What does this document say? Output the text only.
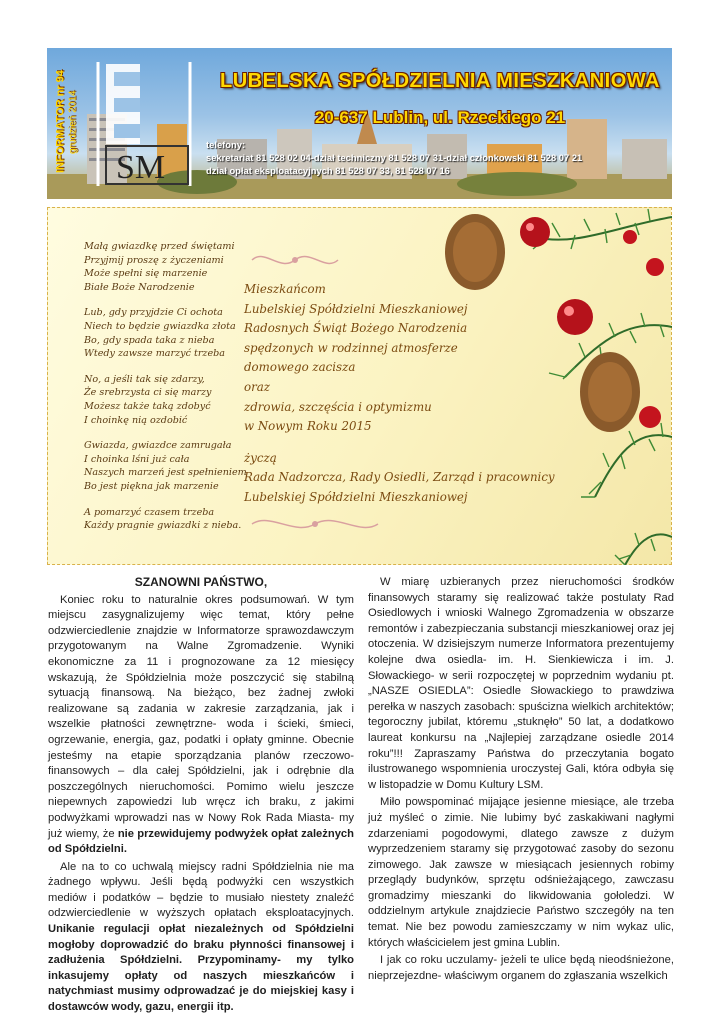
INFORMATOR nr 94 grudzień 2014
SM
LUBELSKA SPÓŁDZIELNIA MIESZKANIOWA
20-637 Lublin, ul. Rzeckiego 21
telefony:
sekretariat 81 528 02 04-dział techniczny 81 528 07 31-dział członkowski 81 528 07 21
dział opłat eksploatacyjnych 81 528 07 33, 81 528 07 16
Małą gwiazdkę przed świętami
Przyjmij proszę z życzeniami
Może spełni się marzenie
Białe Boże Narodzenie
Lub, gdy przyjdzie Ci ochota
Niech to będzie gwiazdka złota
Bo, gdy spada taka z nieba
Wtedy zawsze marzyć trzeba
No, a jeśli tak się zdarzy,
Że srebrzysta ci się marzy
Możesz także taką zdobyć
I choinkę nią ozdobić
Gwiazda, gwiazdce zamrugała
I choinka lśni już cała
Naszych marzeń jest spełnieniem
Bo jest piękna jak marzenie
A pomarzyć czasem trzeba
Każdy pragnie gwiazdki z nieba.
Mieszkańcom
Lubelskiej Spółdzielni Mieszkaniowej
Radosnych Świąt Bożego Narodzenia
spędzonych w rodzinnej atmosferze
domowego zacisza
oraz
zdrowia, szczęścia i optymizmu
w Nowym Roku 2015
życzą
Rada Nadzorcza, Rady Osiedli, Zarząd i pracownicy
Lubelskiej Spółdzielni Mieszkaniowej

SZANOWNI PAŃSTWO,

Koniec roku to naturalnie okres podsumowań. W tym miejscu zasygnalizujemy więc temat, który pełne odzwierciedlenie znajdzie w Informatorze sprawozdawczym przygotowanym na Walne Zgromadzenie. Wyniki ekonomiczne za 11 i prognozowane za 12 miesięcy wskazują, że Spółdzielnia może poszczycić się stabilną sytuacją finansową. Na bieżąco, bez żadnej zwłoki realizowane są zadania w zakresie zarządzania, jak i wszelkie płatności zewnętrzne- woda i ścieki, śmieci, ogrzewanie, energia, gaz, podatki i opłaty gminne. Obecnie jesteśmy na etapie sporządzania planów rzeczowo-finansowych – dla całej Spółdzielni, jak i odrębnie dla poszczególnych nieruchomości. Pomimo wielu jeszcze niepewnych zapowiedzi lub wręcz ich braku, z jakimi podwyżkami wprowadzi nas w Nowy Rok Rada Miasta- my już wiemy, że nie przewidujemy podwyżek opłat zależnych od Spółdzielni.

Ale na to co uchwalą miejscy radni Spółdzielnia nie ma żadnego wpływu. Jeśli będą podwyżki cen wszystkich mediów i podatków – będzie to musiało niestety znaleźć odzwierciedlenie w wyższych opłatach eksploatacyjnych. Unikanie regulacji opłat niezależnych od Spółdzielni mogłoby doprowadzić do braku płynności finansowej i zadłużenia Spółdzielni. Przypominamy- my tylko inkasujemy opłaty od naszych mieszkańców i natychmiast musimy odprowadzać je do miejskiej kasy i dostawców wody, gazu, energii itp.

W miarę uzbieranych przez nieruchomości środków finansowych staramy się realizować także postulaty Rad Osiedlowych i wnioski Walnego Zgromadzenia w obszarze remontów i zabezpieczania substancji mieszkaniowej oraz jej otoczenia. W dzisiejszym numerze Informatora prezentujemy kolejne dwa osiedla- im. H. Sienkiewicza i im. J. Słowackiego- w serii rozpoczętej w poprzednim wydaniu pt.„NASZE OSIEDLA”: Osiedle Słowackiego to prawdziwa perełka w naszych zasobach: spuścizna wielkich architektów; tegoroczny jubilat, któremu „stuknęło” 50 lat, a dodatkowo laureat konkursu na „Najlepiej zarządzane osiedle 2014 roku”!!! Zapraszamy Państwa do przeczytania bogato ilustrowanego wspomnienia uroczystej Gali, która odbyła się w listopadzie w Domu Kultury LSM.

Miło powspominać mijające jesienne miesiące, ale trzeba już myśleć o zimie. Nie lubimy być zaskakiwani nagłymi zdarzeniami pogodowymi, dlatego zawsze z dużym wyprzedzeniem staramy się przygotować zasoby do sezonu zimowego. Jak zawsze w miesiącach jesiennych robimy przeglądy budynków, sprzętu odśnieżającego, zawczasu gromadzimy mieszanki do likwidowania gołoledzi. W oddzielnym artykule znajdziecie Państwo szczegóły na ten temat. Nie bez powodu zamieszczamy w nim wykaz ulic, których właścicielem jest gmina Lublin.

I jak co roku uczulamy- jeżeli te ulice będą nieodśnieżone, nieprzejezdne- właściwym organem do zgłaszania wszelkich
